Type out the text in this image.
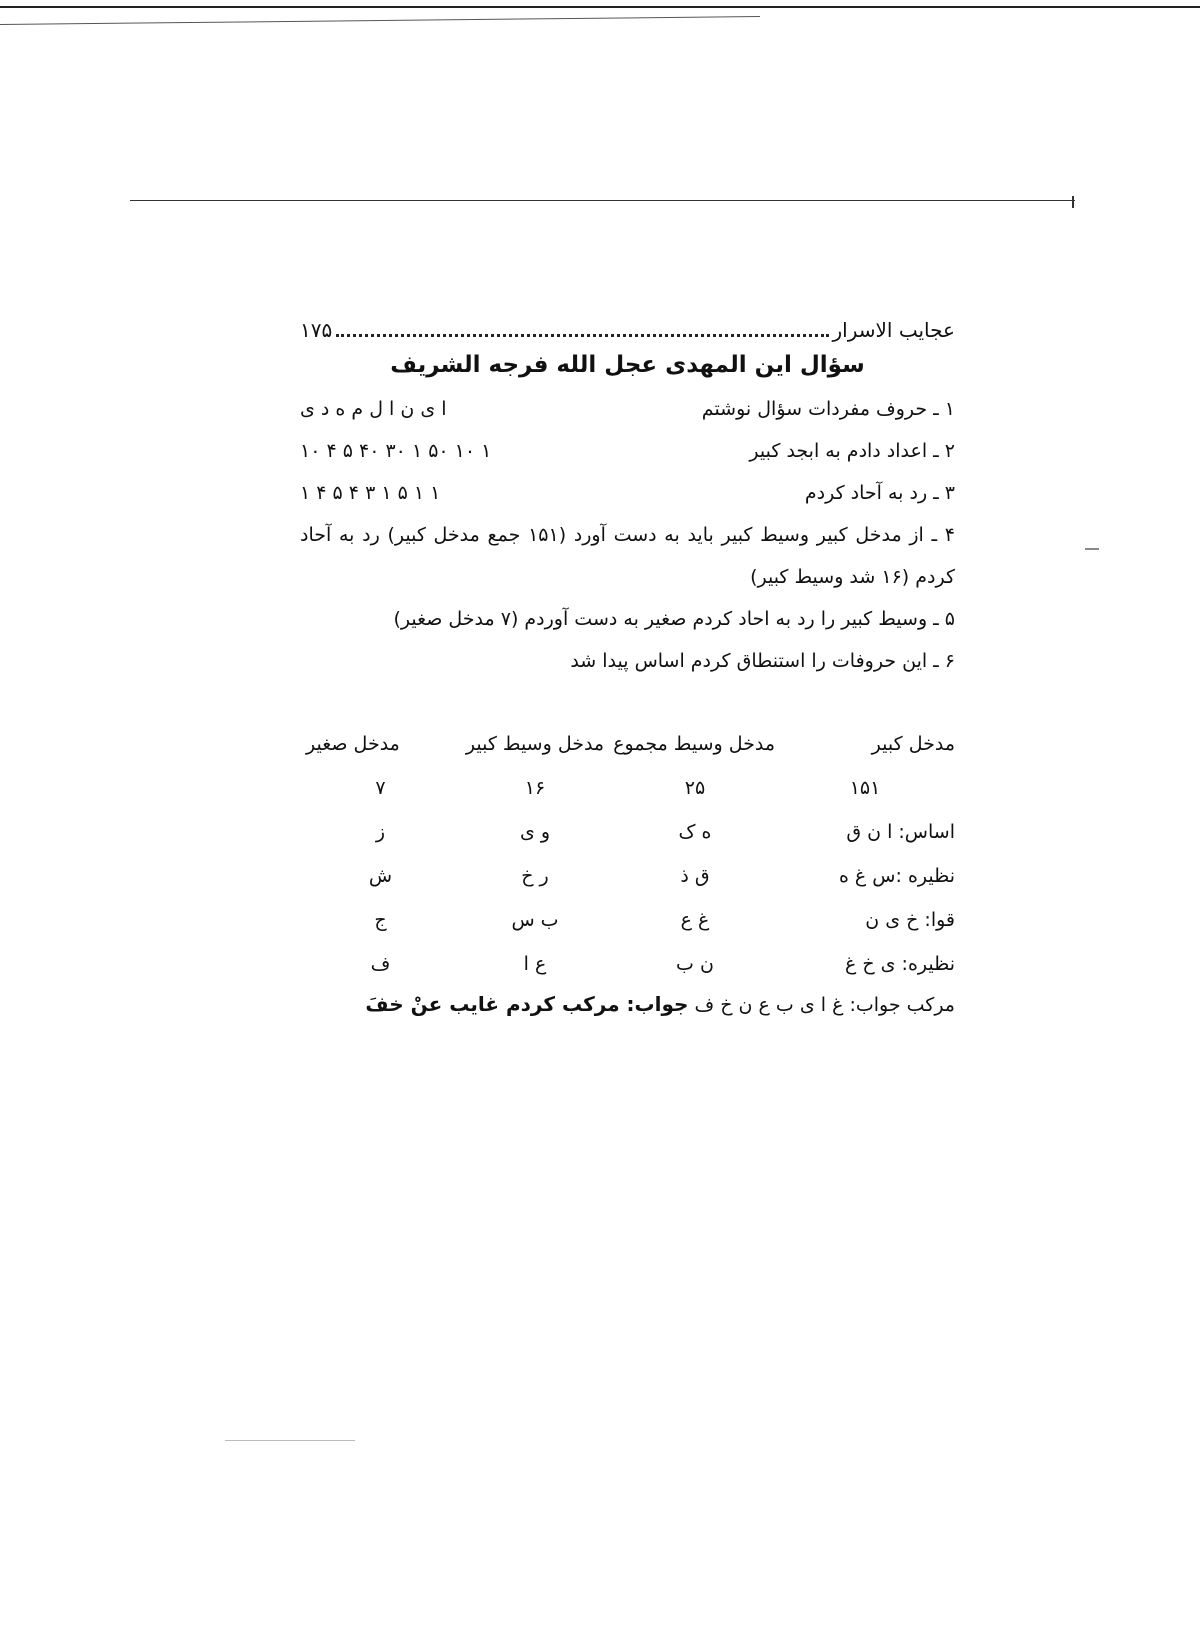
عجایب الاسرار
۱۷۵
سؤال این المهدی عجل الله فرجه الشریف
۱ ـ حروف مفردات سؤال نوشتم
ا ی ن ا ل م ه د ی
۲ ـ اعداد دادم به ابجد کبیر
۱ ۱۰ ۵۰ ۱ ۳۰ ۴۰ ۵ ۴ ۱۰
۳ ـ رد به آحاد کردم
۱ ۱ ۵ ۱ ۳ ۴ ۵ ۴ ۱
۴ ـ از مدخل کبیر وسیط کبیر باید به دست آورد (۱۵۱ جمع مدخل کبیر) رد به آحاد کردم (۱۶ شد وسیط کبیر)
۵ ـ وسیط کبیر را رد به احاد کردم صغیر به دست آوردم (۷ مدخل صغیر)
۶ ـ این حروفات را استنطاق کردم اساس پیدا شد
مدخل کبیر
مدخل وسیط مجموع
مدخل وسیط کبیر
مدخل صغیر
۱۵۱
۲۵
۱۶
۷
اساس: ا ن ق
ه ک
و ی
ز
نظیره :س غ ه
ق ذ
ر خ
ش
قوا: خ ی ن
غ ع
ب س
ج
نظیره: ی خ غ
ن ب
ع ا
ف
مرکب جواب: غ ا ی ب ع ن خ ف جواب: مرکب کردم غایب عنْ خفَ
